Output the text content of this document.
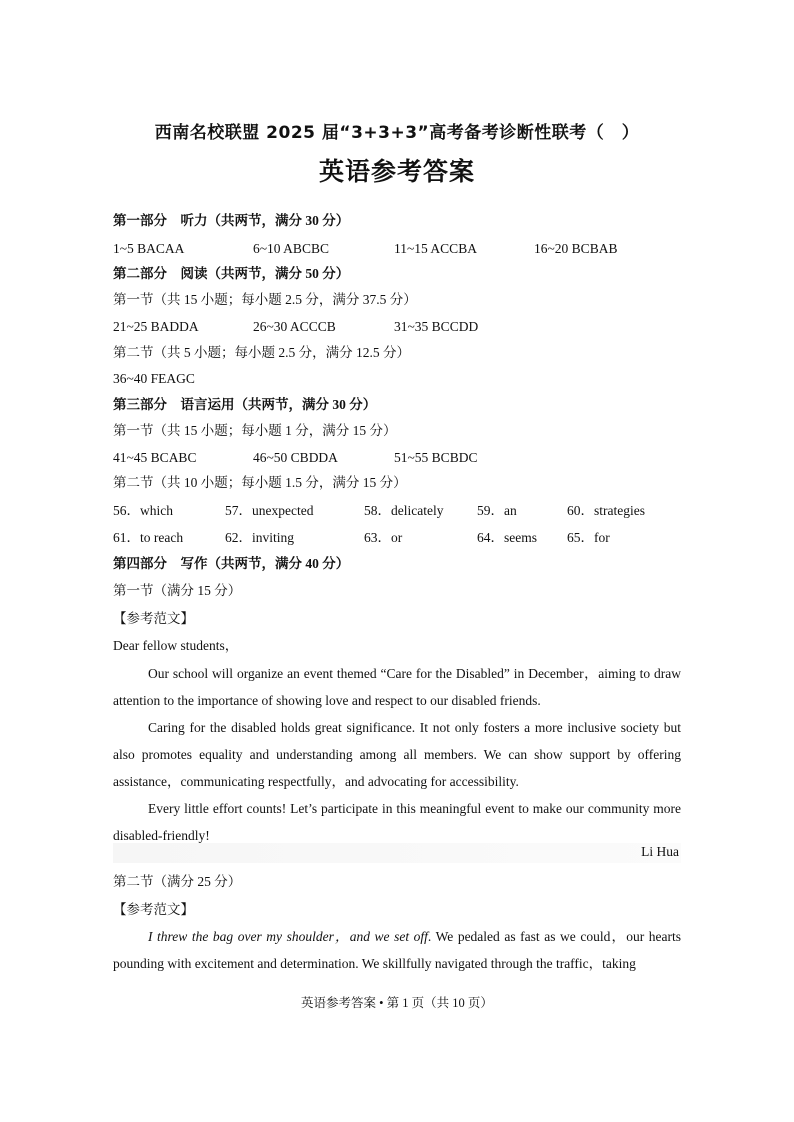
西南名校联盟 2025 届“3+3+3”高考备考诊断性联考（　）
英语参考答案
第一部分　听力（共两节，满分 30 分）
1~5 BACAA	6~10 ABCBC	11~15 ACCBA	16~20 BCBAB
第二部分　阅读（共两节，满分 50 分）
第一节（共 15 小题；每小题 2.5 分，满分 37.5 分）
21~25 BADDA	26~30 ACCCB	31~35 BCCDD
第二节（共 5 小题；每小题 2.5 分，满分 12.5 分）
36~40 FEAGC
第三部分　语言运用（共两节，满分 30 分）
第一节（共 15 小题；每小题 1 分，满分 15 分）
41~45 BCABC	46~50 CBDDA	51~55 BCBDC
第二节（共 10 小题；每小题 1.5 分，满分 15 分）
56．which	57．unexpected	58．delicately 59．an	60．strategies
61．to reach	62．inviting	63．or	64．seems 65．for
第四部分　写作（共两节，满分 40 分）
第一节（满分 15 分）
【参考范文】
Dear fellow students，
Our school will organize an event themed “Care for the Disabled” in December，aiming to draw attention to the importance of showing love and respect to our disabled friends.
Caring for the disabled holds great significance. It not only fosters a more inclusive society but also promotes equality and understanding among all members. We can show support by offering assistance，communicating respectfully，and advocating for accessibility.
Every little effort counts! Let’s participate in this meaningful event to make our community more disabled-friendly!
Li Hua
第二节（满分 25 分）
【参考范文】
I threw the bag over my shoulder，and we set off. We pedaled as fast as we could，our hearts pounding with excitement and determination. We skillfully navigated through the traffic，taking
英语参考答案 • 第 1 页（共 10 页）
